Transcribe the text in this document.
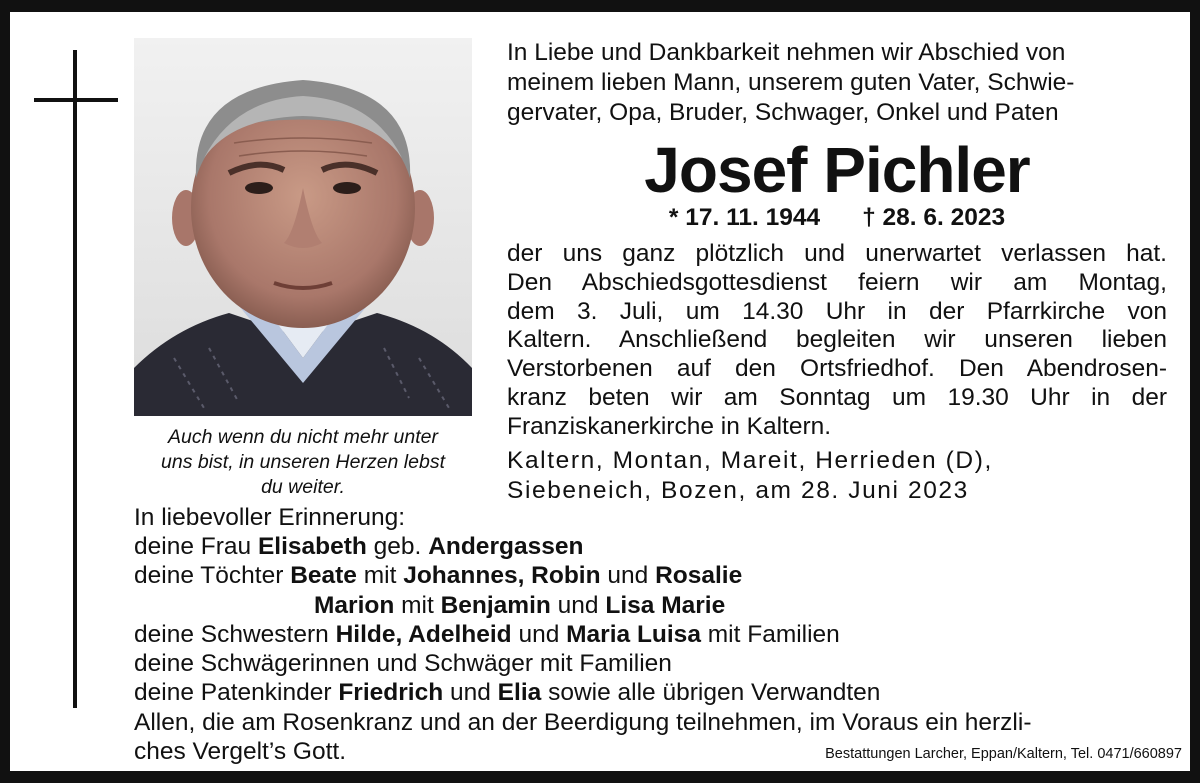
Auch wenn du nicht mehr unter
uns bist, in unseren Herzen lebst
du weiter.
In Liebe und Dankbarkeit nehmen wir Abschied von
meinem lieben Mann, unserem guten Vater, Schwie-
gervater, Opa, Bruder, Schwager, Onkel und Paten
Josef Pichler
* 17. 11. 1944 † 28. 6. 2023
der uns ganz plötzlich und unerwartet verlassen hat.
Den Abschiedsgottesdienst feiern wir am Montag,
dem 3. Juli, um 14.30 Uhr in der Pfarrkirche von
Kaltern. Anschließend begleiten wir unseren lieben
Verstorbenen auf den Ortsfriedhof. Den Abendrosen-
kranz beten wir am Sonntag um 19.30 Uhr in der
Franziskanerkirche in Kaltern.
Kaltern, Montan, Mareit, Herrieden (D),
Siebeneich, Bozen, am 28. Juni 2023
In liebevoller Erinnerung:
deine Frau Elisabeth geb. Andergassen
deine Töchter Beate mit Johannes, Robin und Rosalie
Marion mit Benjamin und Lisa Marie
deine Schwestern Hilde, Adelheid und Maria Luisa mit Familien
deine Schwägerinnen und Schwäger mit Familien
deine Patenkinder Friedrich und Elia sowie alle übrigen Verwandten
Allen, die am Rosenkranz und an der Beerdigung teilnehmen, im Voraus ein herzli-
ches Vergelt’s Gott.	Bestattungen Larcher, Eppan/Kaltern, Tel. 0471/660897
